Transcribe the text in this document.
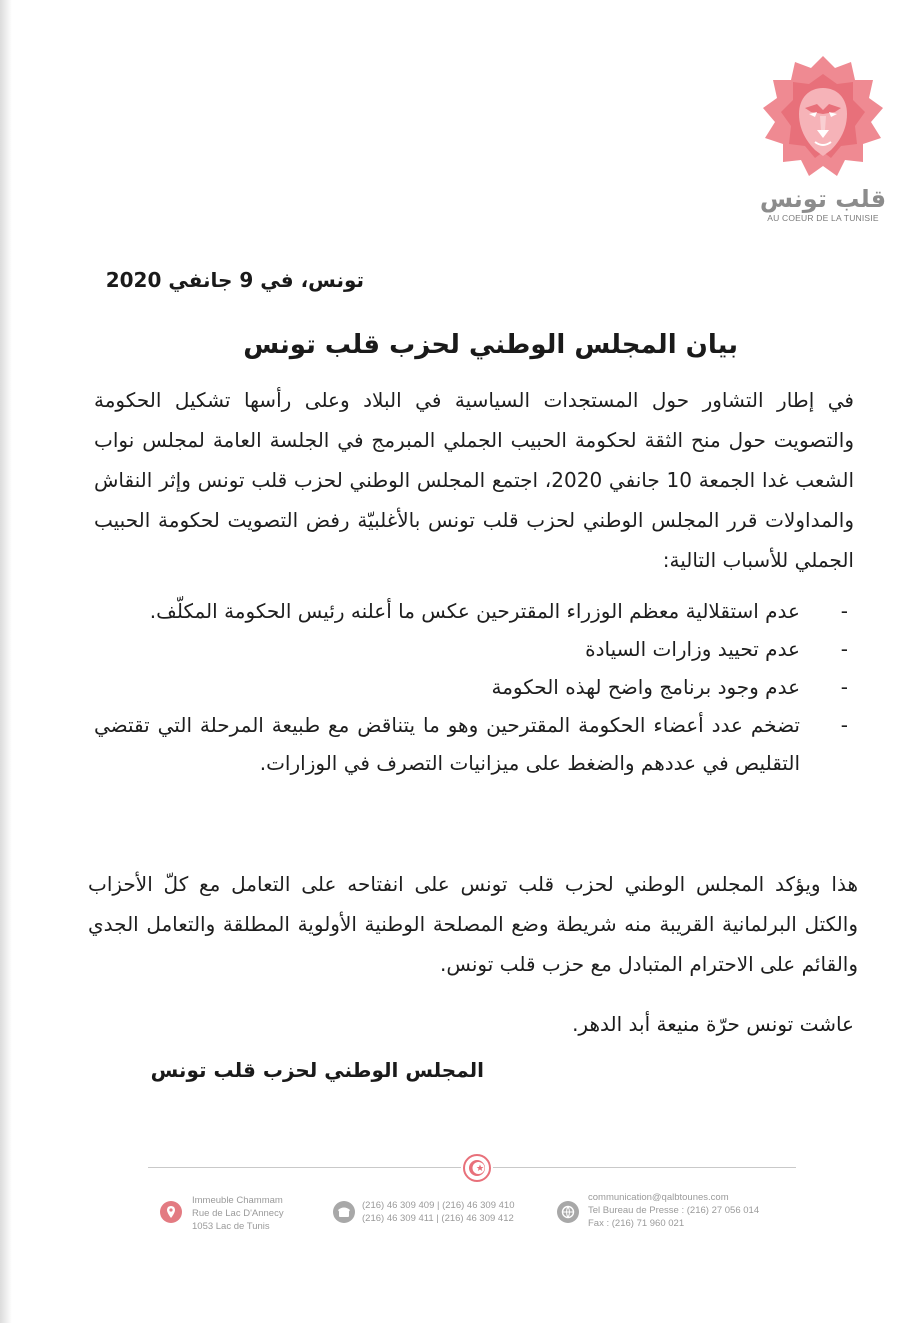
قلب تونس
AU COEUR DE LA TUNISIE
تونس، في 9 جانفي 2020
بيان المجلس الوطني لحزب قلب تونس
في إطار التشاور حول المستجدات السياسية في البلاد وعلى رأسها تشكيل الحكومة والتصويت حول منح الثقة لحكومة الحبيب الجملي المبرمج في الجلسة العامة لمجلس نواب الشعب غدا الجمعة 10 جانفي 2020، اجتمع المجلس الوطني لحزب قلب تونس وإثر النقاش والمداولات قرر المجلس الوطني لحزب قلب تونس بالأغلبيّة رفض التصويت لحكومة الحبيب الجملي للأسباب التالية:
-
عدم استقلالية معظم الوزراء المقترحين عكس ما أعلنه رئيس الحكومة المكلّف.
-
عدم تحييد وزارات السيادة
-
عدم وجود برنامج واضح لهذه الحكومة
-
تضخم عدد أعضاء الحكومة المقترحين وهو ما يتناقض مع طبيعة المرحلة التي تقتضي التقليص في عددهم والضغط على ميزانيات التصرف في الوزارات.
هذا ويؤكد المجلس الوطني لحزب قلب تونس على انفتاحه على التعامل مع كلّ الأحزاب والكتل البرلمانية القريبة منه شريطة وضع المصلحة الوطنية الأولوية المطلقة والتعامل الجدي والقائم على الاحترام المتبادل مع حزب قلب تونس.
عاشت تونس حرّة منيعة أبد الدهر.
المجلس الوطني لحزب قلب تونس
Immeuble Chammam
Rue de Lac D'Annecy
1053 Lac de Tunis
(216) 46 309 409 | (216) 46 309 410
(216) 46 309 411 | (216) 46 309 412
communication@qalbtounes.com
Tel Bureau de Presse : (216) 27 056 014
Fax : (216) 71 960 021
